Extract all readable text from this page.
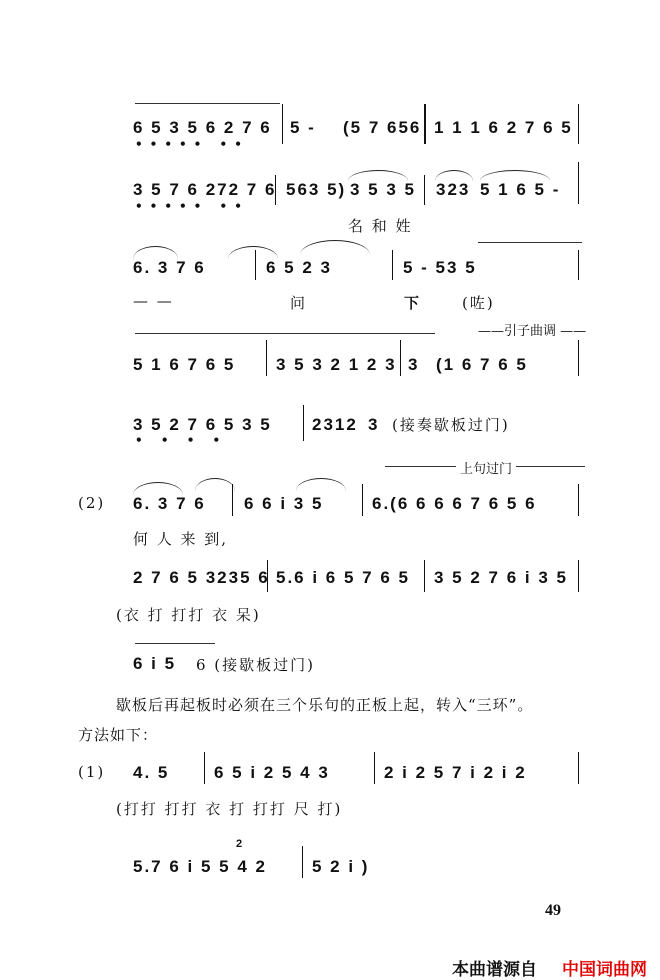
6 5 3 5 6 2 7 6
••••• ••
5 - (5 7 656 1 1 1 6 2 7 6 5
3 5 7 6 272 7 6
••••• ••
563 5) 3 5 3 5 323 5 1 6 5 -
名 和 姓
6. 3 7 6	6 5 2 3	5 - 53 5
— —	问	下	(咗)
——引子曲调 ——
5 1 6 7 6 5 3 5 3 2 1 2 3 3 (1 6 7 6 5
3 5 2 7 6 5 3 5
• • • •
2312 3 (接奏歇板过门)
上句过门
(2) 6. 3 7 6 6 6 i 3 5	6.(6 6 6 6 7 6 5 6
何 人 来 到,
2 7 6 5 3235 6 5.6 i 6 5 7 6 5 3 5 2 7 6 i 3 5
(衣 打 打打 衣 呆)
6 i 5 6 (接歇板过门)
歇板后再起板时必须在三个乐句的正板上起，转入“三环”。
方法如下：
(1) 4. 5	6 5 i 2 5 4 3	2 i 2 5 7 i 2 i 2
(打打 打打 衣 打 打打 尺 打)
5.7 6 i 5 5 4 2
2
5 2 i )
49
本曲谱源自 中国词曲网
